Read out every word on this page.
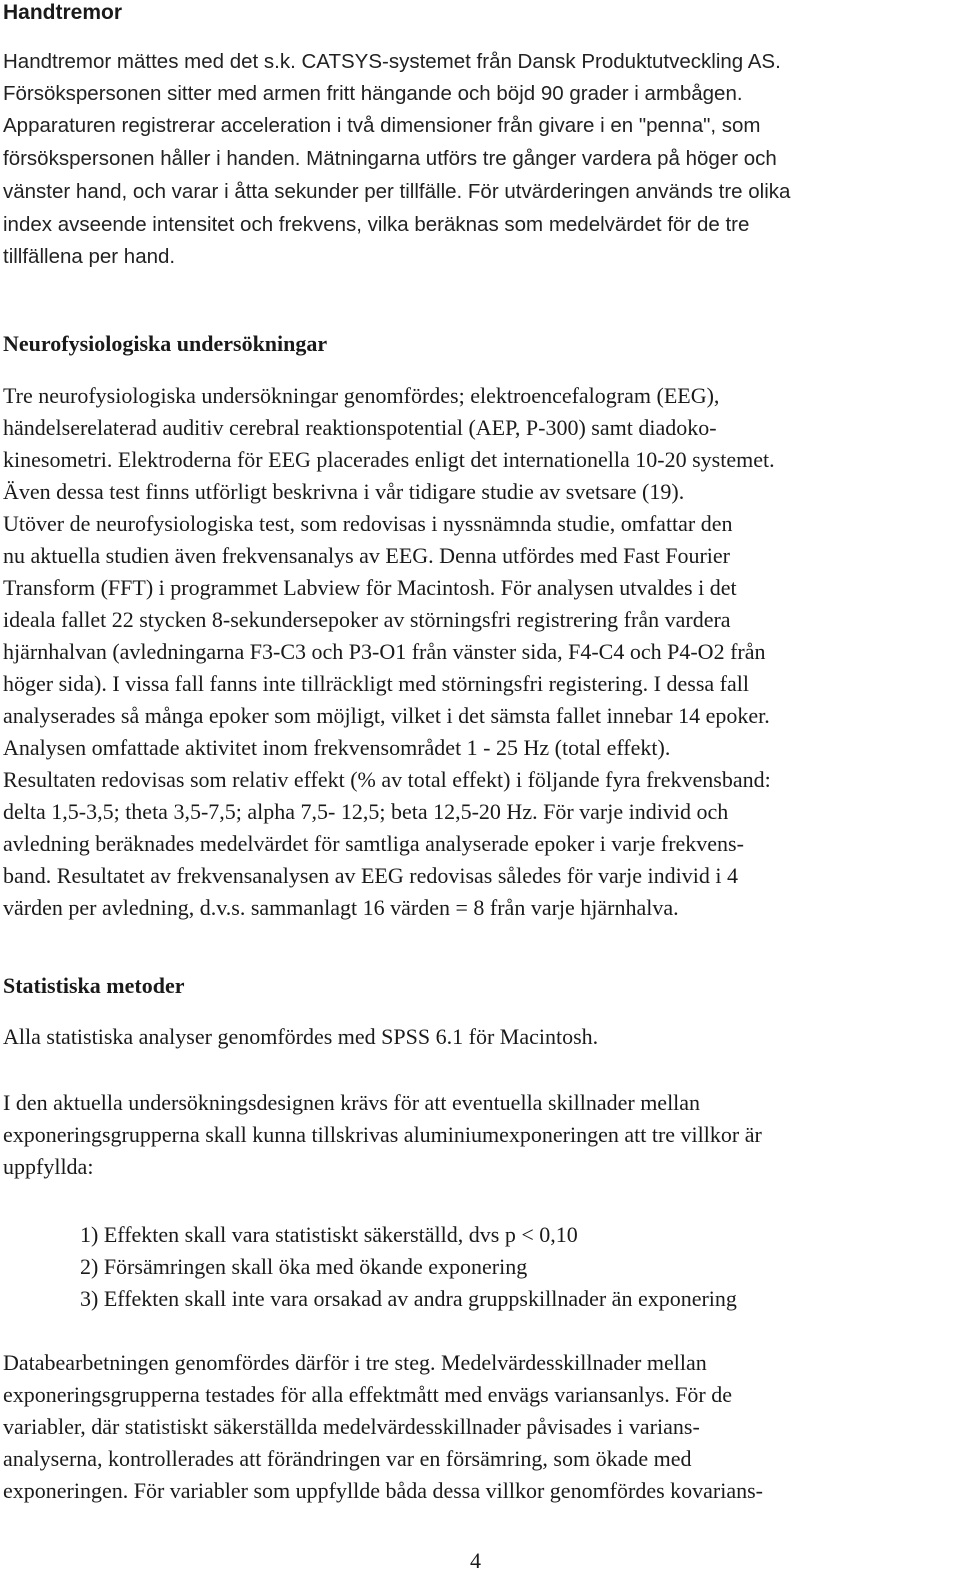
Handtremor

Handtremor mättes med det s.k. CATSYS-systemet från Dansk Produktutveckling AS.

Försökspersonen sitter med armen fritt hängande och böjd 90 grader i armbågen.

Apparaturen registrerar acceleration i två dimensioner från givare i en "penna", som

försökspersonen håller i handen. Mätningarna utförs tre gånger vardera på höger och

vänster hand, och varar i åtta sekunder per tillfälle. För utvärderingen används tre olika

index avseende intensitet och frekvens, vilka beräknas som medelvärdet för de tre

tillfällena per hand.

Neurofysiologiska undersökningar

Tre neurofysiologiska undersökningar genomfördes; elektroencefalogram (EEG),

händelserelaterad auditiv cerebral reaktionspotential (AEP, P-300) samt diadoko-

kinesometri. Elektroderna för EEG placerades enligt det internationella 10-20 systemet.

Även dessa test finns utförligt beskrivna i vår tidigare studie av svetsare (19).

Utöver de neurofysiologiska test, som redovisas i nyssnämnda studie, omfattar den

nu aktuella studien även frekvensanalys av EEG. Denna utfördes med Fast Fourier

Transform (FFT) i programmet Labview för Macintosh. För analysen utvaldes i det

ideala fallet 22 stycken 8-sekundersepoker av störningsfri registrering från vardera

hjärnhalvan (avledningarna F3-C3 och P3-O1 från vänster sida, F4-C4 och P4-O2 från

höger sida). I vissa fall fanns inte tillräckligt med störningsfri registering. I dessa fall

analyserades så många epoker som möjligt, vilket i det sämsta fallet innebar 14 epoker.

Analysen omfattade aktivitet inom frekvensområdet 1 - 25 Hz (total effekt).

Resultaten redovisas som relativ effekt (% av total effekt) i följande fyra frekvensband:

delta 1,5-3,5; theta 3,5-7,5; alpha 7,5- 12,5; beta 12,5-20 Hz. För varje individ och

avledning beräknades medelvärdet för samtliga analyserade epoker i varje frekvens-

band. Resultatet av frekvensanalysen av EEG redovisas således för varje individ i 4

värden per avledning, d.v.s. sammanlagt 16 värden = 8 från varje hjärnhalva.

Statistiska metoder

Alla statistiska analyser genomfördes med SPSS 6.1 för Macintosh.

I den aktuella undersökningsdesignen krävs för att eventuella skillnader mellan

exponeringsgrupperna skall kunna tillskrivas aluminiumexponeringen att tre villkor är

uppfyllda:

1) Effekten skall vara statistiskt säkerställd, dvs p < 0,10

2) Försämringen skall öka med ökande exponering

3) Effekten skall inte vara orsakad av andra gruppskillnader än exponering

Databearbetningen genomfördes därför i tre steg. Medelvärdesskillnader mellan

exponeringsgrupperna testades för alla effektmått med envägs variansanlys. För de

variabler, där statistiskt säkerställda medelvärdesskillnader påvisades i varians-

analyserna, kontrollerades att förändringen var en försämring, som ökade med

exponeringen. För variabler som uppfyllde båda dessa villkor genomfördes kovarians-

4
